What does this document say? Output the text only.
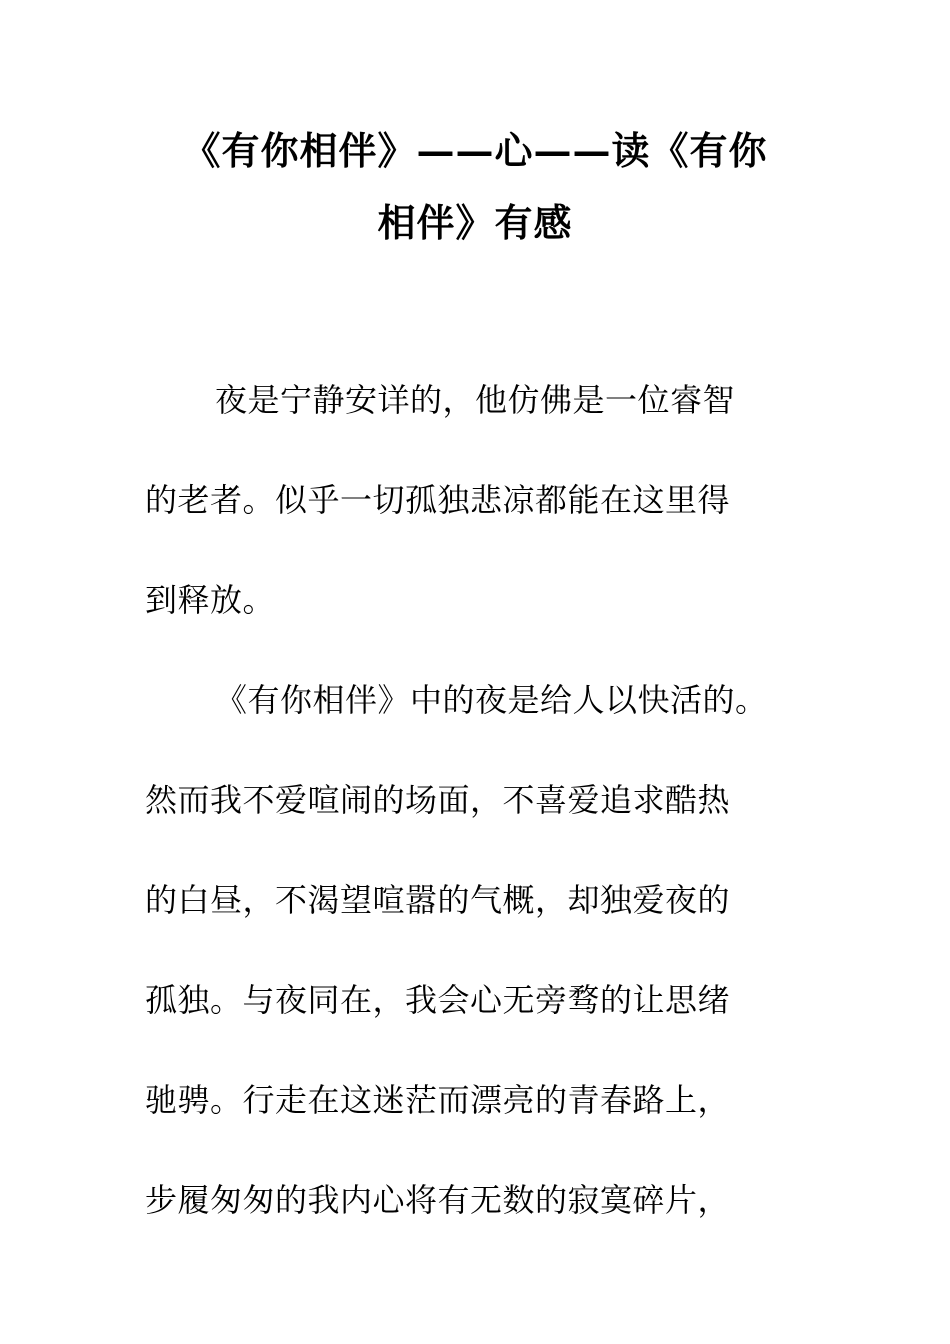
《有你相伴》——心——读《有你
相伴》有感
夜是宁静安详的，他仿佛是一位睿智
的老者。似乎一切孤独悲凉都能在这里得
到释放。
《有你相伴》中的夜是给人以快活的。
然而我不爱喧闹的场面，不喜爱追求酷热
的白昼，不渴望喧嚣的气概，却独爱夜的
孤独。与夜同在，我会心无旁骛的让思绪
驰骋。行走在这迷茫而漂亮的青春路上，
步履匆匆的我内心将有无数的寂寞碎片，
